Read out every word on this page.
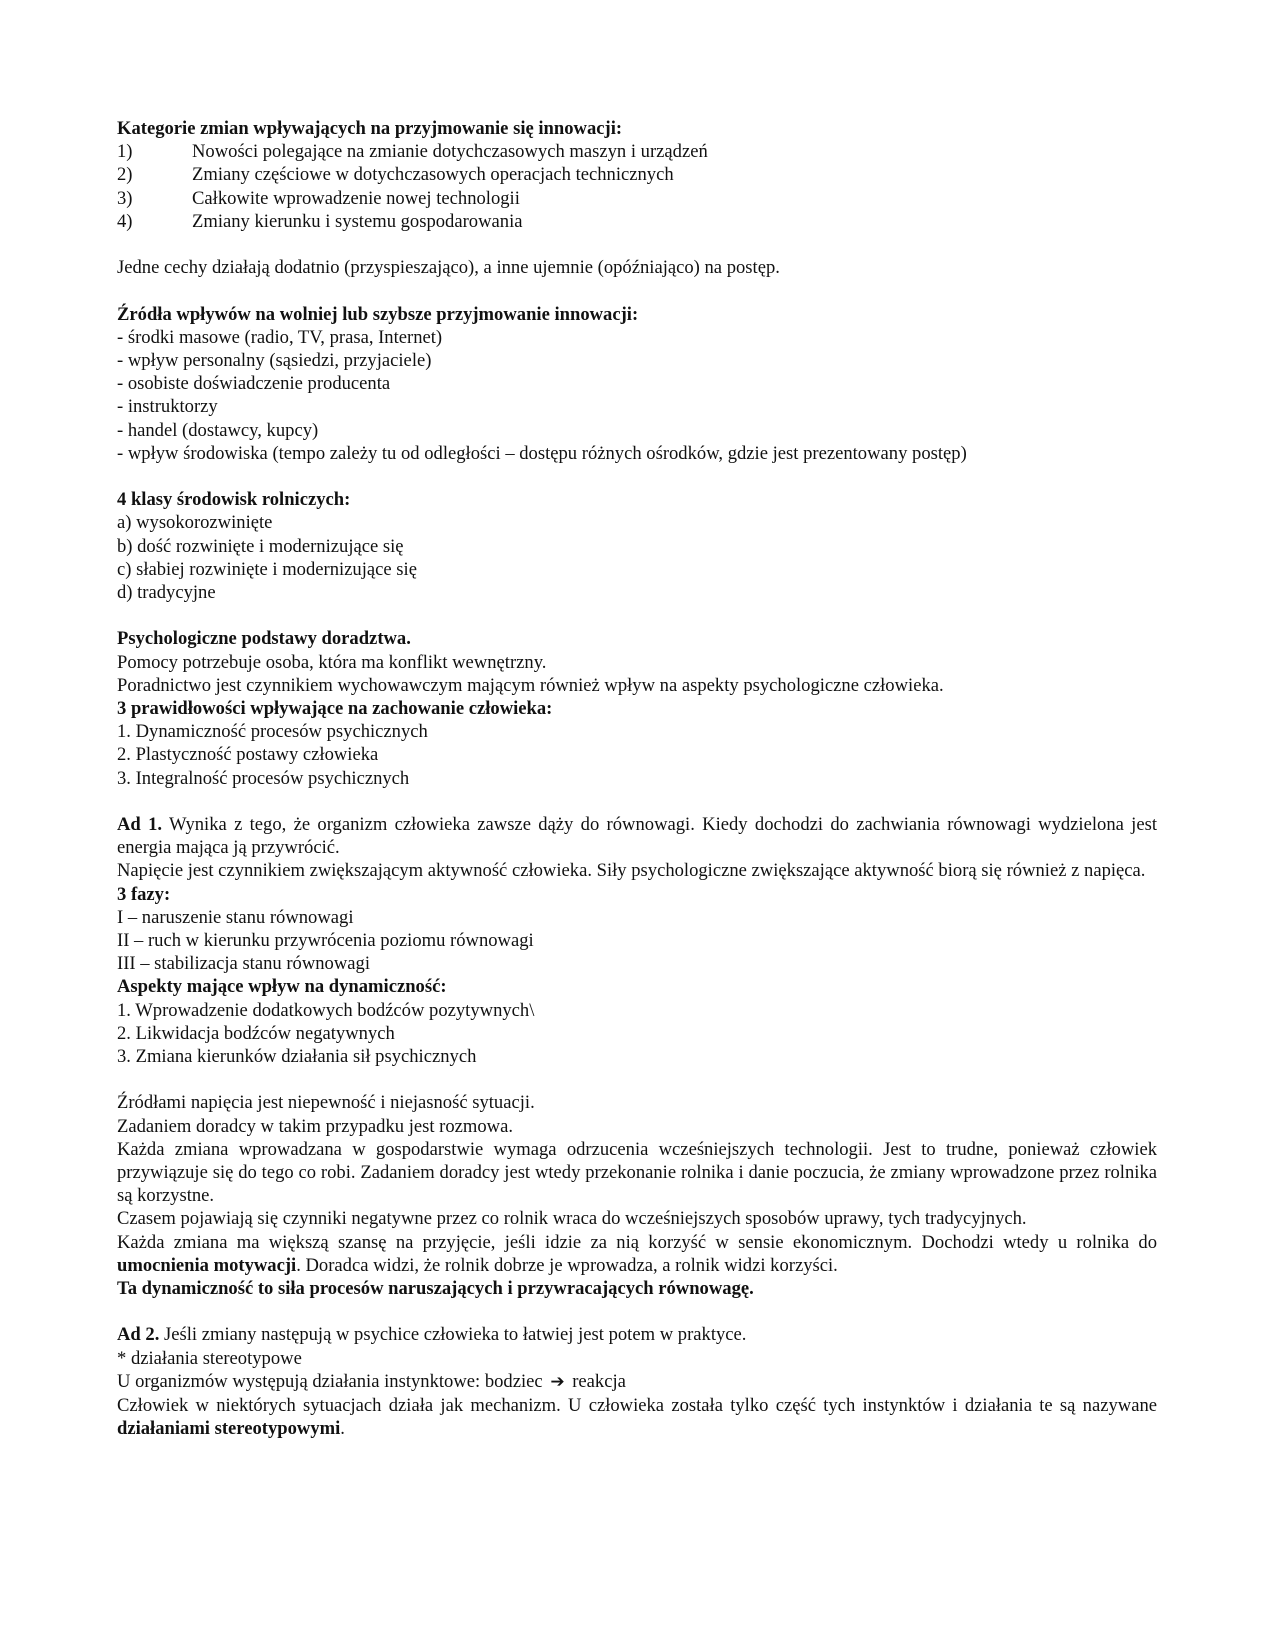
Kategorie zmian wpływających na przyjmowanie się innowacji:
1)	Nowości polegające na zmianie dotychczasowych maszyn i urządzeń
2)	Zmiany częściowe w dotychczasowych operacjach technicznych
3)	Całkowite wprowadzenie nowej technologii
4)	Zmiany kierunku i systemu gospodarowania
Jedne cechy działają dodatnio (przyspieszająco), a inne ujemnie (opóźniająco) na postęp.
Źródła wpływów na wolniej lub szybsze przyjmowanie innowacji:
- środki masowe (radio, TV, prasa, Internet)
- wpływ personalny (sąsiedzi, przyjaciele)
- osobiste doświadczenie producenta
- instruktorzy
- handel (dostawcy, kupcy)
- wpływ środowiska (tempo zależy tu od odległości – dostępu różnych ośrodków, gdzie jest prezentowany postęp)
4 klasy środowisk rolniczych:
a) wysokorozwinięte
b) dość rozwinięte i modernizujące się
c) słabiej rozwinięte i modernizujące się
d) tradycyjne
Psychologiczne podstawy doradztwa.
Pomocy potrzebuje osoba, która ma konflikt wewnętrzny.
Poradnictwo jest czynnikiem wychowawczym mającym również wpływ na aspekty psychologiczne człowieka.
3 prawidłowości wpływające na zachowanie człowieka:
1. Dynamiczność procesów psychicznych
2. Plastyczność postawy człowieka
3. Integralność procesów psychicznych
Ad 1. Wynika z tego, że organizm człowieka zawsze dąży do równowagi. Kiedy dochodzi do zachwiania równowagi wydzielona jest energia mająca ją przywrócić.
Napięcie jest czynnikiem zwiększającym aktywność człowieka. Siły psychologiczne zwiększające aktywność biorą się również z napięca.
3 fazy:
I – naruszenie stanu równowagi
II – ruch w kierunku przywrócenia poziomu równowagi
III – stabilizacja stanu równowagi
Aspekty mające wpływ na dynamiczność:
1. Wprowadzenie dodatkowych bodźców pozytywnych\
2. Likwidacja bodźców negatywnych
3. Zmiana kierunków działania sił psychicznych
Źródłami napięcia jest niepewność i niejasność sytuacji.
Zadaniem doradcy w takim przypadku jest rozmowa.
Każda zmiana wprowadzana w gospodarstwie wymaga odrzucenia wcześniejszych technologii. Jest to trudne, ponieważ człowiek przywiązuje się do tego co robi. Zadaniem doradcy jest wtedy przekonanie rolnika i danie poczucia, że zmiany wprowadzone przez rolnika są korzystne.
Czasem pojawiają się czynniki negatywne przez co rolnik wraca do wcześniejszych sposobów uprawy, tych tradycyjnych.
Każda zmiana ma większą szansę na przyjęcie, jeśli idzie za nią korzyść w sensie ekonomicznym. Dochodzi wtedy u rolnika do umocnienia motywacji. Doradca widzi, że rolnik dobrze je wprowadza, a rolnik widzi korzyści.
Ta dynamiczność to siła procesów naruszających i przywracających równowagę.
Ad 2. Jeśli zmiany następują w psychice człowieka to łatwiej jest potem w praktyce.
* działania stereotypowe
U organizmów występują działania instynktowe: bodziec ➔ reakcja
Człowiek w niektórych sytuacjach działa jak mechanizm. U człowieka została tylko część tych instynktów i działania te są nazywane działaniami stereotypowymi.
